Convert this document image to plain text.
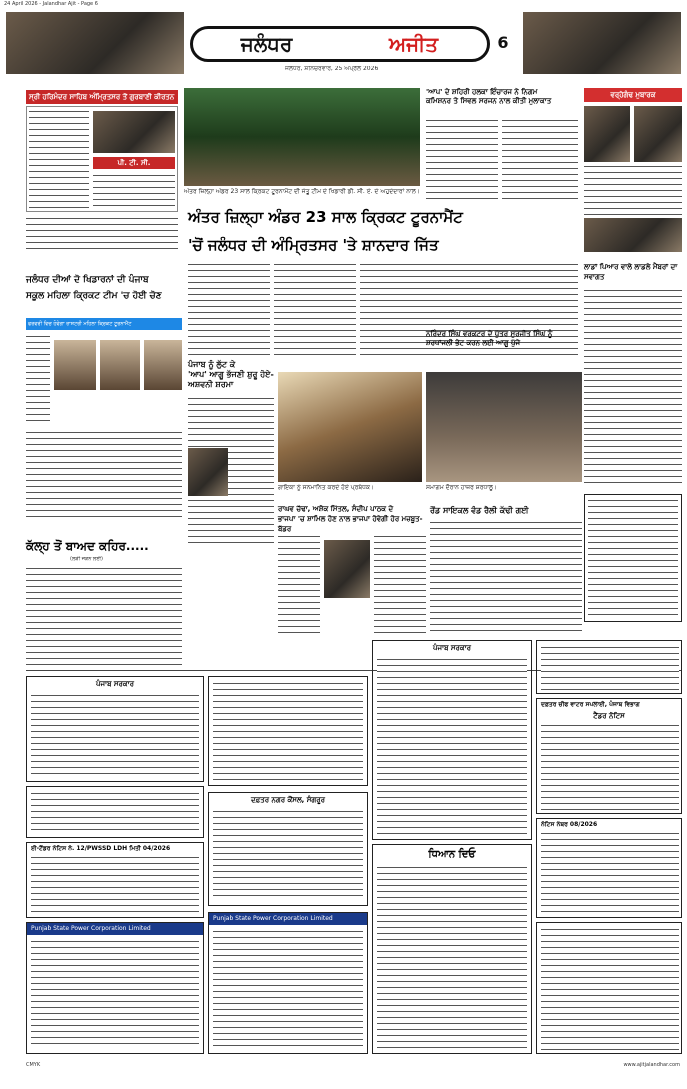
24 April 2026 - Jalandhar Ajit - Page 6
ਜਲੰਧਰ	ਅਜੀਤ	6
ਜਲੰਧਰ, ਸ਼ਨਿੱਚਰਵਾਰ, 25 ਅਪ੍ਰੈਲ 2026
ਸ੍ਰੀ ਹਰਿਮੰਦਰ ਸਾਹਿਬ ਅੰਮ੍ਰਿਤਸਰ ਤੋਂ ਗੁਰਬਾਣੀ ਕੀਰਤਨ
ਪੀ. ਟੀ. ਸੀ.
ਅੰਤਰ ਜ਼ਿਲ੍ਹਾ ਅੰਡਰ 23 ਸਾਲ ਕ੍ਰਿਕਟ ਟੂਰਨਾਮੈਂਟ ਦੀ ਜੇਤੂ ਟੀਮ ਦੇ ਖਿਡਾਰੀ ਡੀ. ਸੀ. ਏ. ਦੇ ਅਹੁਦੇਦਾਰਾਂ ਨਾਲ।
'ਆਪ' ਦੇ ਸ਼ਹਿਰੀ ਹਲਕਾ ਇੰਚਾਰਜ ਨੇ ਨਿਗਮ
ਕਮਿਸ਼ਨਰ ਤੇ ਸਿਵਲ ਸਰਜਨ ਨਾਲ ਕੀਤੀ ਮੁਲਾਕਾਤ
ਅੰਤਰ ਜ਼ਿਲ੍ਹਾ ਅੰਡਰ 23 ਸਾਲ ਕ੍ਰਿਕਟ ਟੂਰਨਾਮੈਂਟ
'ਚੋਂ ਜਲੰਧਰ ਦੀ ਅੰਮ੍ਰਿਤਸਰ 'ਤੇ ਸ਼ਾਨਦਾਰ ਜਿੱਤ
ਵਰ੍ਹੇਗੰਢ ਮੁਬਾਰਕ
ਲਾਡਾਂ ਪਿਆਰ ਵਾਲੇ ਲਾਡਲੇ ਮੈਂਬਰਾਂ ਦਾ ਸਵਾਗਤ
ਜਲੰਧਰ ਦੀਆਂ ਦੋ ਖਿਡਾਰਨਾਂ ਦੀ ਪੰਜਾਬ
ਸਕੂਲ ਮਹਿਲਾ ਕ੍ਰਿਕਟ ਟੀਮ 'ਚ ਹੋਈ ਚੋਣ
ਫਰਵਰੀ ਵਿਚ ਹੋਵੇਗਾ ਰਾਸ਼ਟਰੀ ਮਹਿਲਾ ਕ੍ਰਿਕਟ ਟੂਰਨਾਮੈਂਟ
ਪੰਜਾਬ ਨੂੰ ਲੁੱਟ ਕੇ
'ਆਪ' ਆਗੂ ਭੱਜਣੀ ਸ਼ੁਰੂ ਹੋਏ-ਅਸ਼ਵਨੀ ਸ਼ਰਮਾ
ਨਰਿੰਦਰ ਸਿੰਘ ਵਰਕਟਰ ਦੇ ਪੁੱਤਰ ਸੁਰਜੀਤ ਸਿੰਘ ਨੂੰ
ਸ਼ਰਧਾਂਜਲੀ ਭੇਟ ਕਰਨ ਲਈ ਆਗੂ ਪੁੱਜੇ
ਗਾਇਕਾ ਨੂੰ ਸਨਮਾਨਿਤ ਕਰਦੇ ਹੋਏ ਪ੍ਰਬੰਧਕ।	ਸਮਾਗਮ ਦੌਰਾਨ ਹਾਜ਼ਰ ਸ਼ਰਧਾਲੂ।
ਰਾਘਵ ਚੱਢਾ, ਅਸ਼ੋਕ ਮਿੱਤਲ, ਸੰਦੀਪ ਪਾਠਕ ਦੇ
ਭਾਜਪਾ 'ਚ ਸ਼ਾਮਿਲ ਹੋਣ ਨਾਲ ਭਾਜਪਾ ਹੋਵੇਗੀ ਹੋਰ ਮਜ਼ਬੂਤ-ਬੱਡਰ
ਰੌਂਡ ਸਾਇਕਲ ਵੰਡ ਰੈਲੀ ਕੱਢੀ ਗਈ
ਕੱਲ੍ਹ ਤੋਂ ਬਾਅਦ ਕਹਿਰ.....
(ਲੜੀ ਜੋੜਨ ਲਈ)
ਪੰਜਾਬ ਸਰਕਾਰ
ਈ-ਟੈਂਡਰ ਨੋਟਿਸ ਨੰ. 12/PWSSD LDH ਮਿਤੀ 04/2026
Punjab State Power Corporation Limited
ਦਫ਼ਤਰ ਨਗਰ ਕੌਂਸਲ, ਸੰਗਰੂਰ
Punjab State Power Corporation Limited
ਪੰਜਾਬ ਸਰਕਾਰ
ਧਿਆਨ ਦਿਓ
ਦਫ਼ਤਰ ਚੀਫ ਵਾਟਰ ਸਪਲਾਈ, ਪੰਜਾਬ ਵਿਭਾਗ
ਟੈਂਡਰ ਨੋਟਿਸ
ਨੋਟਿਸ ਨੰਬਰ 08/2026
CMYK	www.ajitjalandhar.com
